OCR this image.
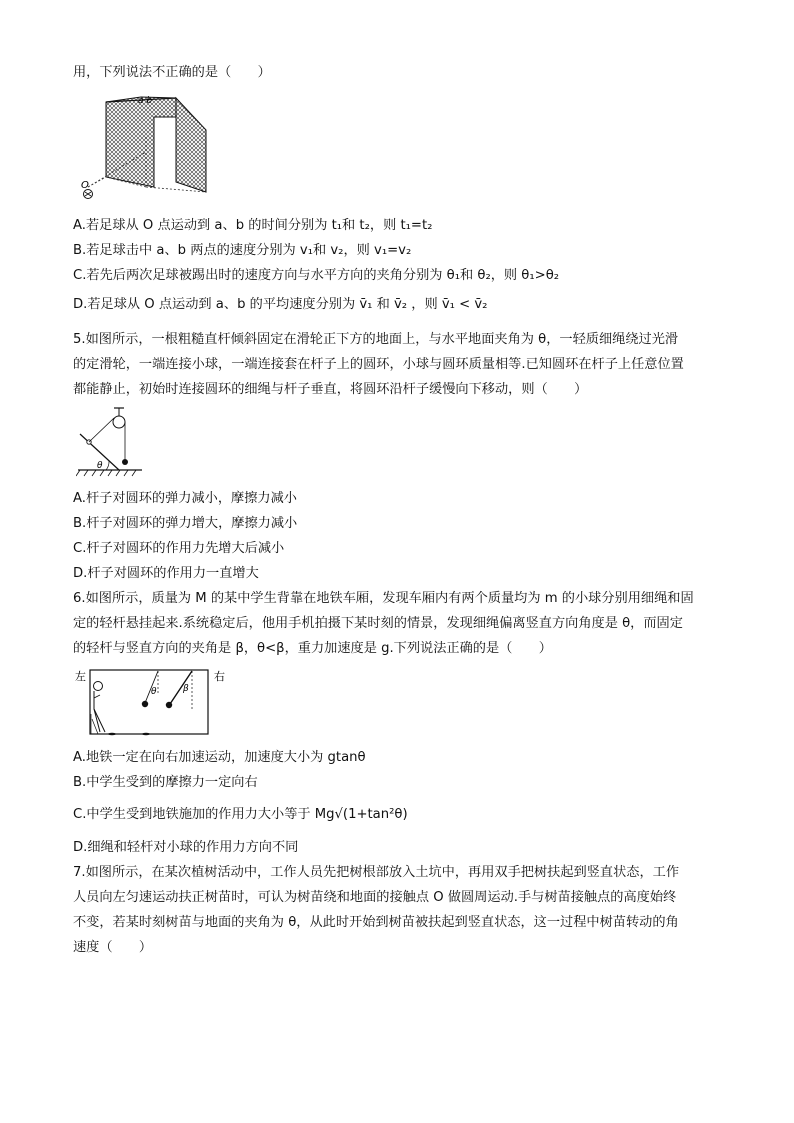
用，下列说法不正确的是（　　）
a b
O
A.若足球从 O 点运动到 a、b 的时间分别为 t₁和 t₂，则 t₁=t₂
B.若足球击中 a、b 两点的速度分别为 v₁和 v₂，则 v₁=v₂
C.若先后两次足球被踢出时的速度方向与水平方向的夹角分别为 θ₁和 θ₂，则 θ₁>θ₂
D.若足球从 O 点运动到 a、b 的平均速度分别为 v̄₁ 和 v̄₂ ，则 v̄₁ < v̄₂
5.如图所示，一根粗糙直杆倾斜固定在滑轮正下方的地面上，与水平地面夹角为 θ，一轻质细绳绕过光滑
的定滑轮，一端连接小球，一端连接套在杆子上的圆环，小球与圆环质量相等.已知圆环在杆子上任意位置
都能静止，初始时连接圆环的细绳与杆子垂直，将圆环沿杆子缓慢向下移动，则（　　）
θ
A.杆子对圆环的弹力减小，摩擦力减小
B.杆子对圆环的弹力增大，摩擦力减小
C.杆子对圆环的作用力先增大后减小
D.杆子对圆环的作用力一直增大
6.如图所示，质量为 M 的某中学生背靠在地铁车厢，发现车厢内有两个质量均为 m 的小球分别用细绳和固
定的轻杆悬挂起来.系统稳定后，他用手机拍摄下某时刻的情景，发现细绳偏离竖直方向角度是 θ，而固定
的轻杆与竖直方向的夹角是 β，θ<β，重力加速度是 g.下列说法正确的是（　　）
左	右
θ	β
A.地铁一定在向右加速运动，加速度大小为 gtanθ
B.中学生受到的摩擦力一定向右
C.中学生受到地铁施加的作用力大小等于 Mg√(1+tan²θ)
D.细绳和轻杆对小球的作用力方向不同
7.如图所示，在某次植树活动中，工作人员先把树根部放入土坑中，再用双手把树扶起到竖直状态，工作
人员向左匀速运动扶正树苗时，可认为树苗绕和地面的接触点 O 做圆周运动.手与树苗接触点的高度始终
不变，若某时刻树苗与地面的夹角为 θ，从此时开始到树苗被扶起到竖直状态，这一过程中树苗转动的角
速度（　　）
